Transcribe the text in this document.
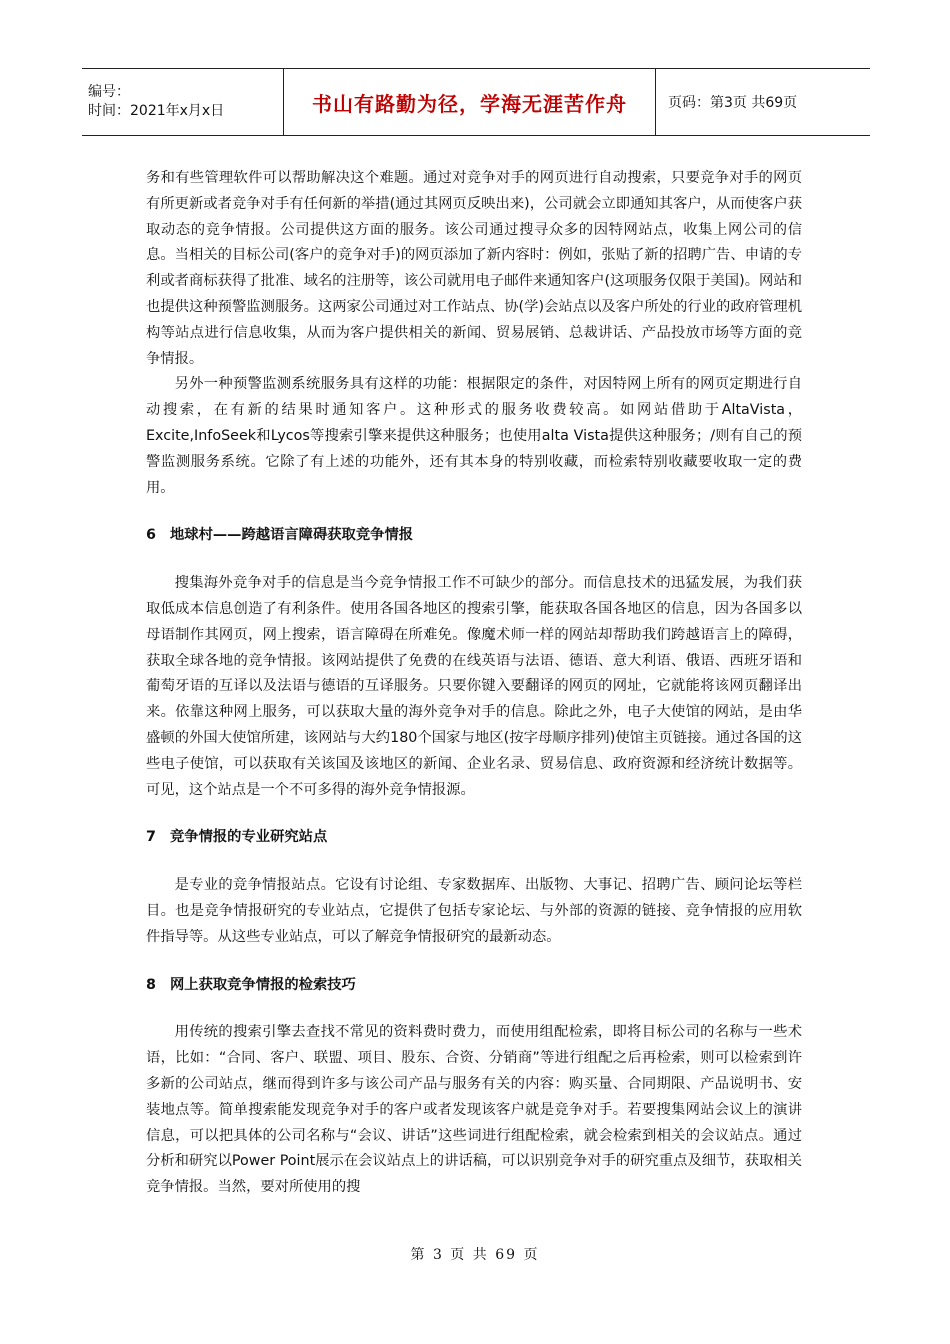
编号：
时间：2021年x月x日	书山有路勤为径，学海无涯苦作舟	页码：第3页 共69页

务和有些管理软件可以帮助解决这个难题。通过对竞争对手的网页进行自动搜索，只要竞争对手的网页有所更新或者竞争对手有任何新的举措(通过其网页反映出来)，公司就会立即通知其客户，从而使客户获取动态的竞争情报。公司提供这方面的服务。该公司通过搜寻众多的因特网站点，收集上网公司的信息。当相关的目标公司(客户的竞争对手)的网页添加了新内容时：例如，张贴了新的招聘广告、申请的专利或者商标获得了批准、域名的注册等，该公司就用电子邮件来通知客户(这项服务仅限于美国)。网站和也提供这种预警监测服务。这两家公司通过对工作站点、协(学)会站点以及客户所处的行业的政府管理机构等站点进行信息收集，从而为客户提供相关的新闻、贸易展销、总裁讲话、产品投放市场等方面的竞争情报。

另外一种预警监测系统服务具有这样的功能：根据限定的条件，对因特网上所有的网页定期进行自动搜索，在有新的结果时通知客户。这种形式的服务收费较高。如网站借助于AltaVista，Excite,InfoSeek和Lycos等搜索引擎来提供这种服务；也使用alta Vista提供这种服务；/则有自己的预警监测服务系统。它除了有上述的功能外，还有其本身的特别收藏，而检索特别收藏要收取一定的费用。

6 地球村——跨越语言障碍获取竞争情报

搜集海外竞争对手的信息是当今竞争情报工作不可缺少的部分。而信息技术的迅猛发展，为我们获取低成本信息创造了有利条件。使用各国各地区的搜索引擎，能获取各国各地区的信息，因为各国多以母语制作其网页，网上搜索，语言障碍在所难免。像魔术师一样的网站却帮助我们跨越语言上的障碍，获取全球各地的竞争情报。该网站提供了免费的在线英语与法语、德语、意大利语、俄语、西班牙语和葡萄牙语的互译以及法语与德语的互译服务。只要你键入要翻译的网页的网址，它就能将该网页翻译出来。依靠这种网上服务，可以获取大量的海外竞争对手的信息。除此之外，电子大使馆的网站，是由华盛顿的外国大使馆所建，该网站与大约180个国家与地区(按字母顺序排列)使馆主页链接。通过各国的这些电子使馆，可以获取有关该国及该地区的新闻、企业名录、贸易信息、政府资源和经济统计数据等。可见，这个站点是一个不可多得的海外竞争情报源。

7 竞争情报的专业研究站点

是专业的竞争情报站点。它设有讨论组、专家数据库、出版物、大事记、招聘广告、顾问论坛等栏目。也是竞争情报研究的专业站点，它提供了包括专家论坛、与外部的资源的链接、竞争情报的应用软件指导等。从这些专业站点，可以了解竞争情报研究的最新动态。

8 网上获取竞争情报的检索技巧

用传统的搜索引擎去查找不常见的资料费时费力，而使用组配检索，即将目标公司的名称与一些术语，比如：“合同、客户、联盟、项目、股东、合资、分销商”等进行组配之后再检索，则可以检索到许多新的公司站点，继而得到许多与该公司产品与服务有关的内容：购买量、合同期限、产品说明书、安装地点等。简单搜索能发现竞争对手的客户或者发现该客户就是竞争对手。若要搜集网站会议上的演讲信息，可以把具体的公司名称与“会议、讲话”这些词进行组配检索，就会检索到相关的会议站点。通过分析和研究以Power Point展示在会议站点上的讲话稿，可以识别竞争对手的研究重点及细节，获取相关竞争情报。当然，要对所使用的搜

第 3 页 共 69 页
